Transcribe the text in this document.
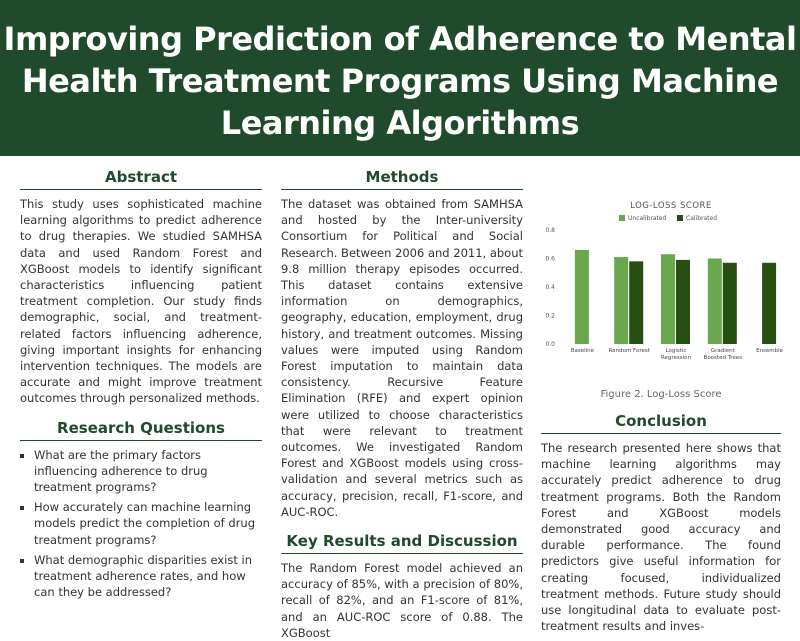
Improving Prediction of Adherence to Mental Health Treatment Programs Using Machine Learning Algorithms
Abstract

This study uses sophisticated machine learning algorithms to predict adherence to drug therapies. We studied SAMHSA data and used Random Forest and XGBoost models to identify significant characteristics influencing patient treatment completion. Our study finds demographic, social, and treatment-related factors influencing adherence, giving important insights for enhancing intervention techniques. The models are accurate and might improve treatment outcomes through personalized methods.

Research Questions
▪ What are the primary factors influencing adherence to drug treatment programs?
▪ How accurately can machine learning models predict the completion of drug treatment programs?
▪ What demographic disparities exist in treatment adherence rates, and how can they be addressed?
Methods

The dataset was obtained from SAMHSA and hosted by the Inter-university Consortium for Political and Social Research. Between 2006 and 2011, about 9.8 million therapy episodes occurred. This dataset contains extensive information on demographics, geography, education, employment, drug history, and treatment outcomes. Missing values were imputed using Random Forest imputation to maintain data consistency. Recursive Feature Elimination (RFE) and expert opinion were utilized to choose characteristics that were relevant to treatment outcomes. We investigated Random Forest and XGBoost models using cross-validation and several metrics such as accuracy, precision, recall, F1-score, and AUC-ROC.

Key Results and Discussion

The Random Forest model achieved an accuracy of 85%, with a precision of 80%, recall of 82%, and an F1-score of 81%, and an AUC-ROC score of 0.88. The XGBoost

LOG-LOSS SCORE
Uncalibrated	Calibrated
0.0
0.2
0.4
0.6
0.8
Baseline	Random Forest	Logistic Regression
Gradient Boosted Trees
Ensemble
Figure 2. Log-Loss Score
Conclusion

The research presented here shows that machine learning algorithms may accurately predict adherence to drug treatment programs. Both the Random Forest and XGBoost models demonstrated good accuracy and durable performance. The found predictors give useful information for creating focused, individualized treatment methods. Future study should use longitudinal data to evaluate post-treatment results and inves-
